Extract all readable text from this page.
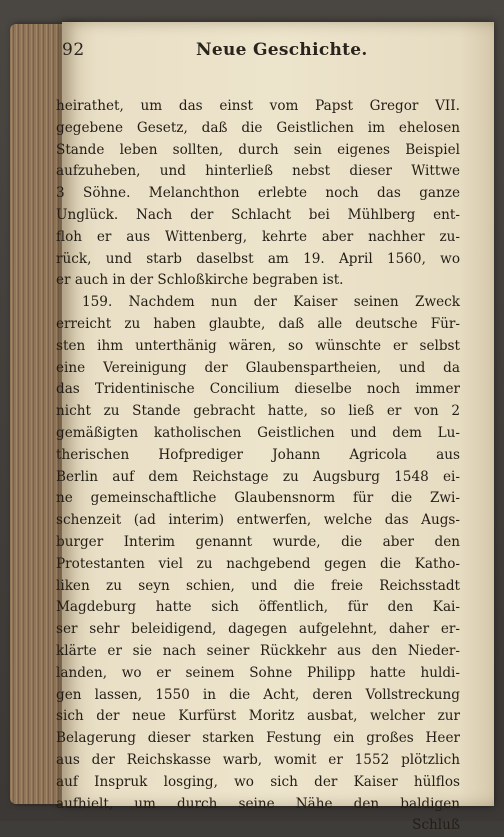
92	Neue Geschichte.
heirathet, um das einst vom Papst Gregor VII.
gegebene Gesetz, daß die Geistlichen im ehelosen
Stande leben sollten, durch sein eigenes Beispiel
aufzuheben, und hinterließ nebst dieser Wittwe
3 Söhne. Melanchthon erlebte noch das ganze
Unglück. Nach der Schlacht bei Mühlberg ent-
floh er aus Wittenberg, kehrte aber nachher zu-
rück, und starb daselbst am 19. April 1560, wo
er auch in der Schloßkirche begraben ist.
159. Nachdem nun der Kaiser seinen Zweck
erreicht zu haben glaubte, daß alle deutsche Für-
sten ihm unterthänig wären, so wünschte er selbst
eine Vereinigung der Glaubenspartheien, und da
das Tridentinische Concilium dieselbe noch immer
nicht zu Stande gebracht hatte, so ließ er von 2
gemäßigten katholischen Geistlichen und dem Lu-
therischen Hofprediger Johann Agricola aus
Berlin auf dem Reichstage zu Augsburg 1548 ei-
ne gemeinschaftliche Glaubensnorm für die Zwi-
schenzeit (ad interim) entwerfen, welche das Augs-
burger Interim genannt wurde, die aber den
Protestanten viel zu nachgebend gegen die Katho-
liken zu seyn schien, und die freie Reichsstadt
Magdeburg hatte sich öffentlich, für den Kai-
ser sehr beleidigend, dagegen aufgelehnt, daher er-
klärte er sie nach seiner Rückkehr aus den Nieder-
landen, wo er seinem Sohne Philipp hatte huldi-
gen lassen, 1550 in die Acht, deren Vollstreckung
sich der neue Kurfürst Moritz ausbat, welcher zur
Belagerung dieser starken Festung ein großes Heer
aus der Reichskasse warb, womit er 1552 plötzlich
auf Inspruk losging, wo sich der Kaiser hülflos
aufhielt, um durch seine Nähe den baldigen
Schluß
